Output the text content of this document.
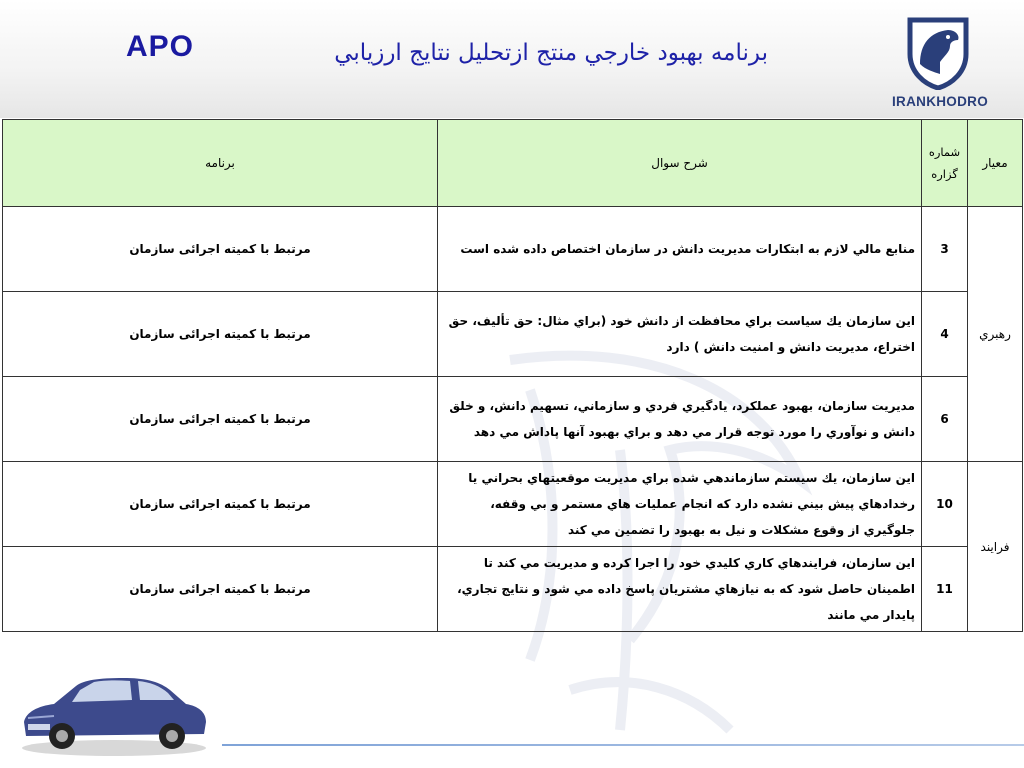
APO	برنامه بهبود خارجي منتج ازتحليل نتايج ارزيابي
IRANKHODRO
معيار	شماره گزاره	شرح سوال	برنامه
رهبري	3	منابع مالي لازم به ابتکارات مديريت دانش در سازمان اختصاص داده شده است	مرتبط با کمیته اجرائی سازمان
	4	اين سازمان يك سياست براي محافظت از دانش خود (براي مثال: حق تأليف، حق اختراع، مديريت دانش و امنيت دانش ) دارد	مرتبط با کمیته اجرائی سازمان
	6	مديريت سازمان، بهبود عملكرد، يادگيري فردي و سازماني، تسهيم دانش، و خلق دانش و نوآوري را مورد توجه قرار مي دهد و براي بهبود آنها پاداش مي دهد	مرتبط با کمیته اجرائی سازمان
فرايند	10	اين سازمان، يك سيستم سازماندهي شده براي مديريت موقعيتهاي بحراني يا رخدادهاي پيش بيني نشده دارد كه انجام عمليات هاي مستمر و بي وقفه، جلوگيري از وقوع مشكلات و نيل به بهبود را تضمين مي كند	مرتبط با کمیته اجرائی سازمان
	11	اين سازمان، فرايندهاي كاري كليدي خود را اجرا كرده و مديريت مي كند تا اطمينان حاصل شود كه به نيازهاي مشتريان پاسخ داده مي شود و نتايج تجاري، پايدار مي مانند	مرتبط با کمیته اجرائی سازمان
